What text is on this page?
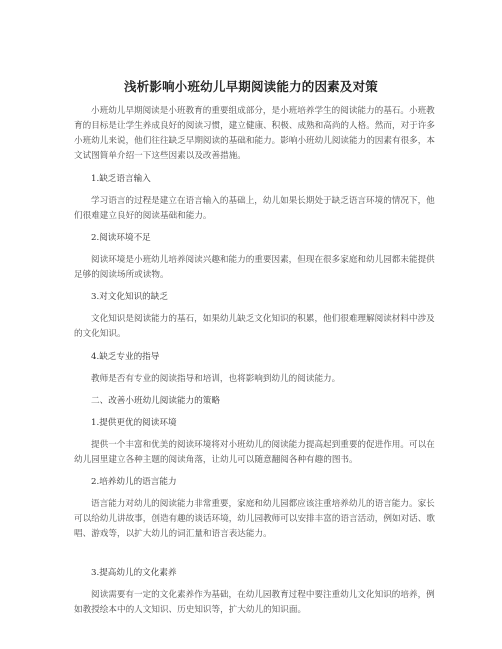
浅析影响小班幼儿早期阅读能力的因素及对策
小班幼儿早期阅读是小班教育的重要组成部分，是小班培养学生的阅读能力的基石。小班教育的目标是让学生养成良好的阅读习惯，建立健康、积极、成熟和高尚的人格。然而，对于许多小班幼儿来说，他们往往缺乏早期阅读的基础和能力。影响小班幼儿阅读能力的因素有很多，本文试图简单介绍一下这些因素以及改善措施。
1.缺乏语言输入
学习语言的过程是建立在语言输入的基础上，幼儿如果长期处于缺乏语言环境的情况下，他们很难建立良好的阅读基础和能力。
2.阅读环境不足
阅读环境是小班幼儿培养阅读兴趣和能力的重要因素，但现在很多家庭和幼儿园都未能提供足够的阅读场所或读物。
3.对文化知识的缺乏
文化知识是阅读能力的基石，如果幼儿缺乏文化知识的积累，他们很难理解阅读材料中涉及的文化知识。
4.缺乏专业的指导
教师是否有专业的阅读指导和培训，也将影响到幼儿的阅读能力。
二、改善小班幼儿阅读能力的策略
1.提供更优的阅读环境
提供一个丰富和优美的阅读环境将对小班幼儿的阅读能力提高起到重要的促进作用。可以在幼儿园里建立各种主题的阅读角落，让幼儿可以随意翻阅各种有趣的图书。
2.培养幼儿的语言能力
语言能力对幼儿的阅读能力非常重要，家庭和幼儿园都应该注重培养幼儿的语言能力。家长可以给幼儿讲故事，创造有趣的谈话环境，幼儿园教师可以安排丰富的语言活动，例如对话、歌唱、游戏等，以扩大幼儿的词汇量和语言表达能力。
3.提高幼儿的文化素养
阅读需要有一定的文化素养作为基础，在幼儿园教育过程中要注重幼儿文化知识的培养，例如教授绘本中的人文知识、历史知识等，扩大幼儿的知识面。
